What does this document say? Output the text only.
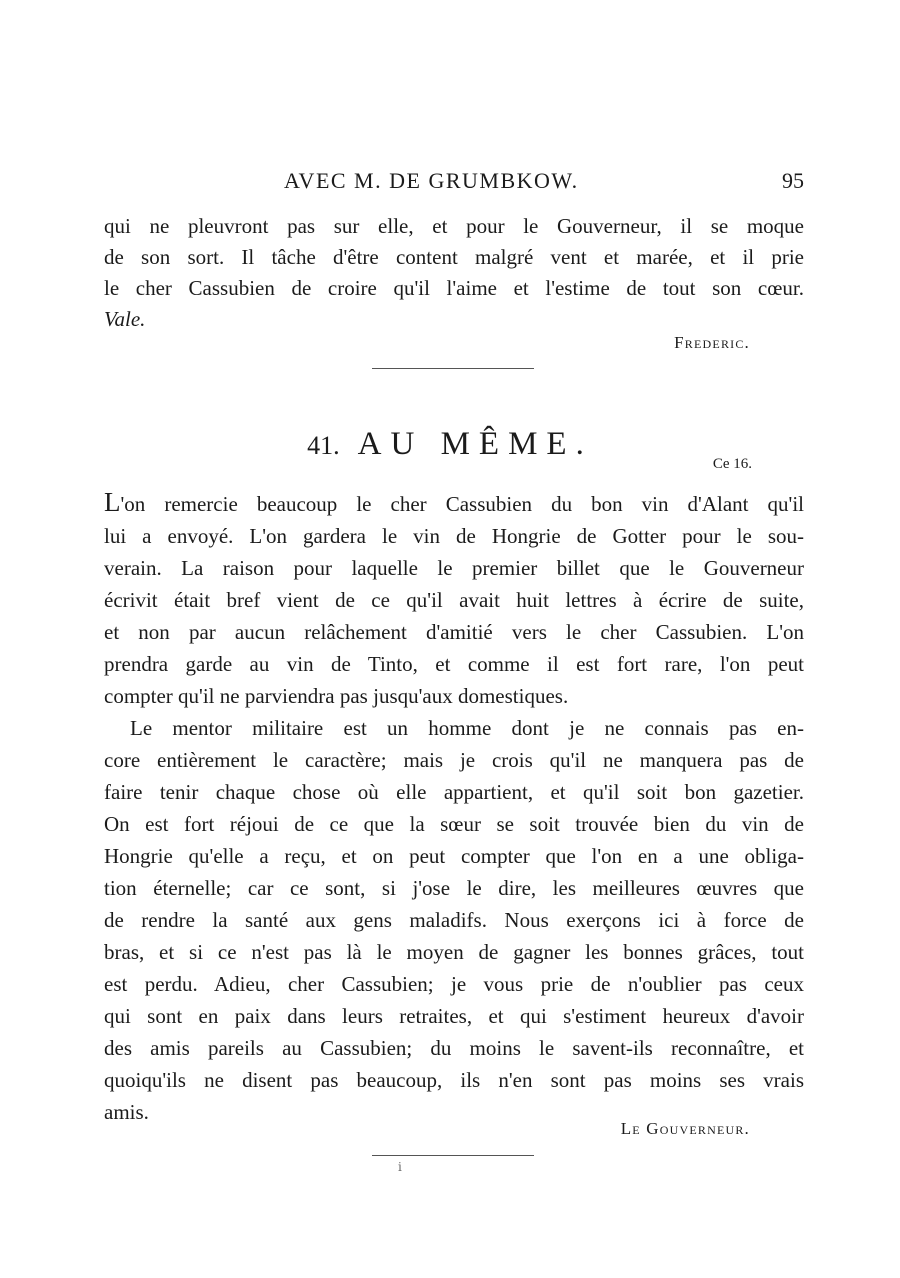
AVEC M. DE GRUMBKOW.	95
qui ne pleuvront pas sur elle, et pour le Gouverneur, il se moque
de son sort. Il tâche d'être content malgré vent et marée, et il prie
le cher Cassubien de croire qu'il l'aime et l'estime de tout son cœur.
Vale.
Frederic.
41. AU MÊME.
Ce 16.
L'on remercie beaucoup le cher Cassubien du bon vin d'Alant qu'il
lui a envoyé. L'on gardera le vin de Hongrie de Gotter pour le sou-
verain. La raison pour laquelle le premier billet que le Gouverneur
écrivit était bref vient de ce qu'il avait huit lettres à écrire de suite,
et non par aucun relâchement d'amitié vers le cher Cassubien. L'on
prendra garde au vin de Tinto, et comme il est fort rare, l'on peut
compter qu'il ne parviendra pas jusqu'aux domestiques.
Le mentor militaire est un homme dont je ne connais pas en-
core entièrement le caractère; mais je crois qu'il ne manquera pas de
faire tenir chaque chose où elle appartient, et qu'il soit bon gazetier.
On est fort réjoui de ce que la sœur se soit trouvée bien du vin de
Hongrie qu'elle a reçu, et on peut compter que l'on en a une obliga-
tion éternelle; car ce sont, si j'ose le dire, les meilleures œuvres que
de rendre la santé aux gens maladifs. Nous exerçons ici à force de
bras, et si ce n'est pas là le moyen de gagner les bonnes grâces, tout
est perdu. Adieu, cher Cassubien; je vous prie de n'oublier pas ceux
qui sont en paix dans leurs retraites, et qui s'estiment heureux d'avoir
des amis pareils au Cassubien; du moins le savent-ils reconnaître, et
quoiqu'ils ne disent pas beaucoup, ils n'en sont pas moins ses vrais
amis.
Le Gouverneur.
ⅰ
